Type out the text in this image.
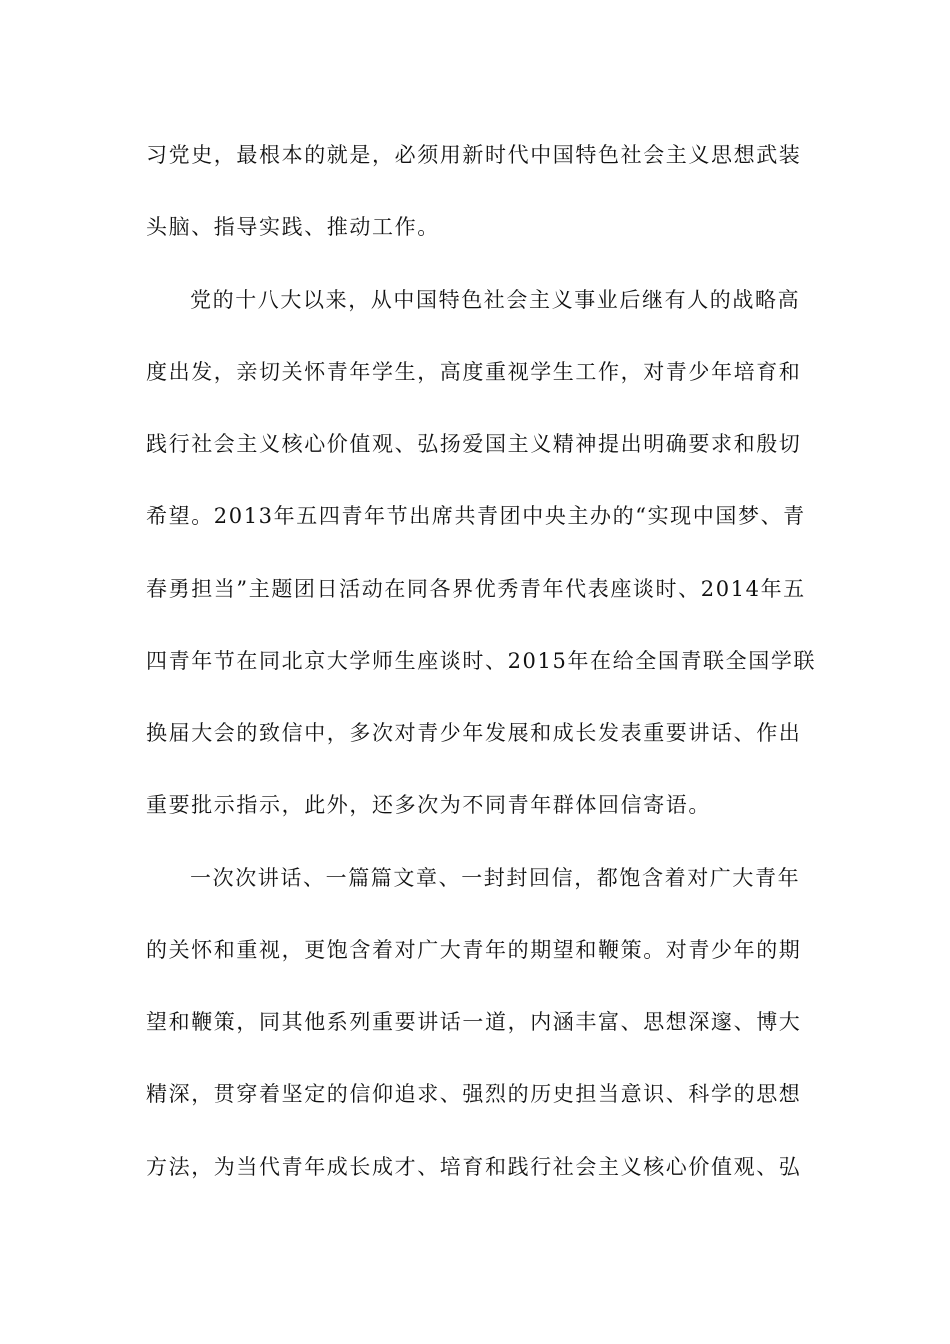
习党史，最根本的就是，必须用新时代中国特色社会主义思想武装
头脑、指导实践、推动工作。
党的十八大以来，从中国特色社会主义事业后继有人的战略高
度出发，亲切关怀青年学生，高度重视学生工作，对青少年培育和
践行社会主义核心价值观、弘扬爱国主义精神提出明确要求和殷切
希望。2013年五四青年节出席共青团中央主办的“实现中国梦、青
春勇担当”主题团日活动在同各界优秀青年代表座谈时、2014年五
四青年节在同北京大学师生座谈时、2015年在给全国青联全国学联
换届大会的致信中，多次对青少年发展和成长发表重要讲话、作出
重要批示指示，此外，还多次为不同青年群体回信寄语。
一次次讲话、一篇篇文章、一封封回信，都饱含着对广大青年
的关怀和重视，更饱含着对广大青年的期望和鞭策。对青少年的期
望和鞭策，同其他系列重要讲话一道，内涵丰富、思想深邃、博大
精深，贯穿着坚定的信仰追求、强烈的历史担当意识、科学的思想
方法，为当代青年成长成才、培育和践行社会主义核心价值观、弘
